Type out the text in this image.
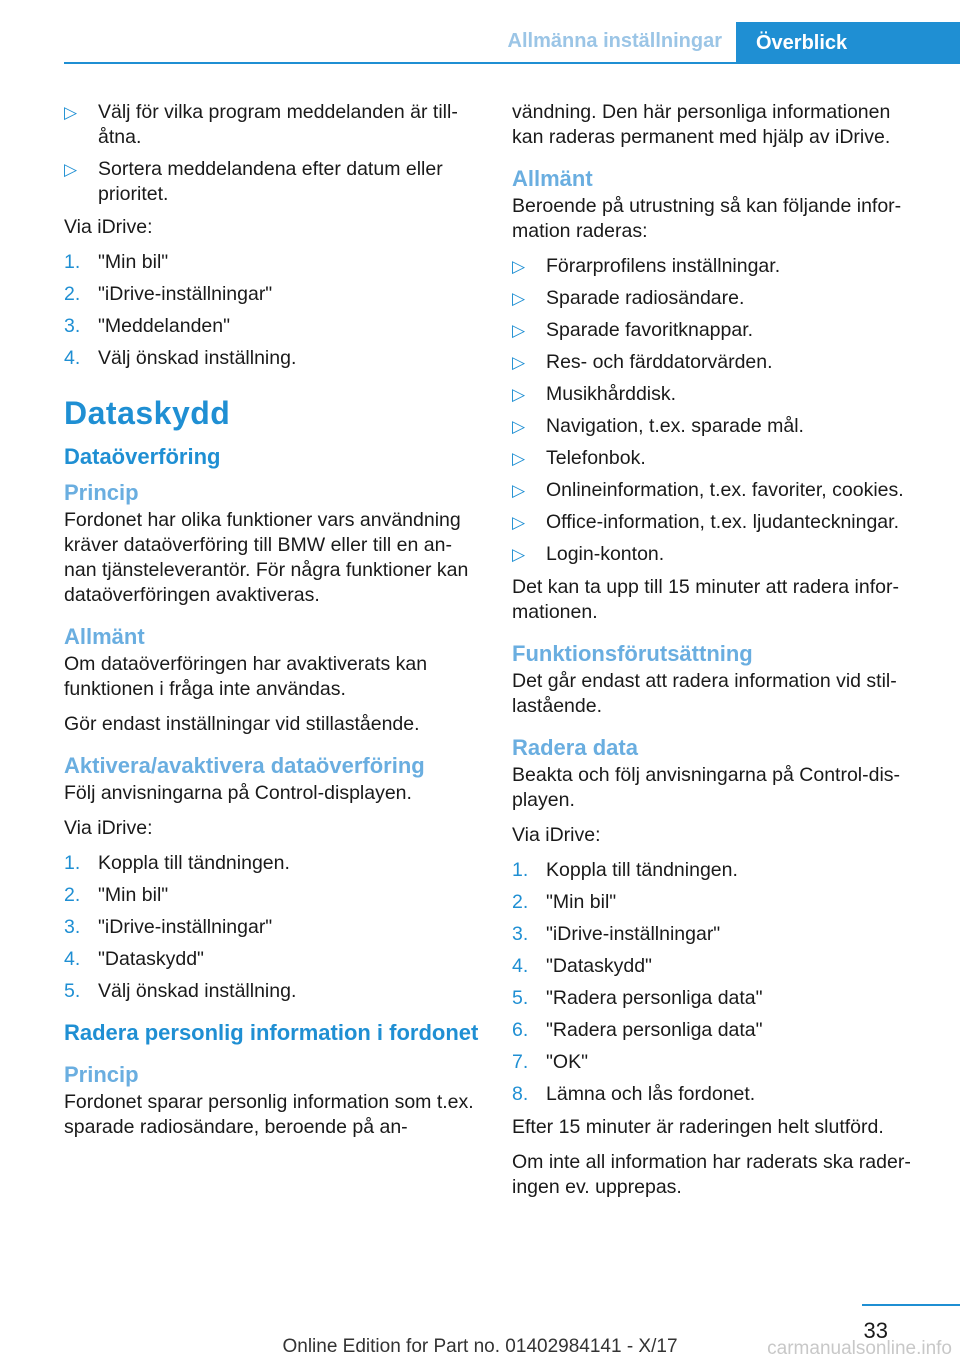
Allmänna inställningar	Överblick
▷ Välj för vilka program meddelanden är till-åtna.
▷ Sortera meddelandena efter datum eller prioritet.

Via iDrive:

1. "Min bil"
2. "iDrive-inställningar"
3. "Meddelanden"
4. Välj önskad inställning.
Dataskydd
Dataöverföring
Princip

Fordonet har olika funktioner vars användning kräver dataöverföring till BMW eller till en an-nan tjänsteleverantör. För några funktioner kan dataöverföringen avaktiveras.

Allmänt

Om dataöverföringen har avaktiverats kan funktionen i fråga inte användas.

Gör endast inställningar vid stillastående.

Aktivera/avaktivera dataöverföring

Följ anvisningarna på Control-displayen.

Via iDrive:

1. Koppla till tändningen.
2. "Min bil"
3. "iDrive-inställningar"
4. "Dataskydd"
5. Välj önskad inställning.
Radera personlig information i fordonet
Princip

Fordonet sparar personlig information som t.ex. sparade radiosändare, beroende på an-

vändning. Den här personliga informationen kan raderas permanent med hjälp av iDrive.

Allmänt

Beroende på utrustning så kan följande infor-mation raderas:

▷ Förarprofilens inställningar.
▷ Sparade radiosändare.
▷ Sparade favoritknappar.
▷ Res- och färddatorvärden.
▷ Musikhårddisk.
▷ Navigation, t.ex. sparade mål.
▷ Telefonbok.
▷ Onlineinformation, t.ex. favoriter, cookies.
▷ Office-information, t.ex. ljudanteckningar.
▷ Login-konton.

Det kan ta upp till 15 minuter att radera infor-mationen.

Funktionsförutsättning

Det går endast att radera information vid stil-lastående.

Radera data

Beakta och följ anvisningarna på Control-dis-playen.

Via iDrive:

1. Koppla till tändningen.
2. "Min bil"
3. "iDrive-inställningar"
4. "Dataskydd"
5. "Radera personliga data"
6. "Radera personliga data"
7. "OK"
8. Lämna och lås fordonet.

Efter 15 minuter är raderingen helt slutförd.

Om inte all information har raderats ska rader-ingen ev. upprepas.

33
Online Edition for Part no. 01402984141 - X/17	carmanualsonline.info
